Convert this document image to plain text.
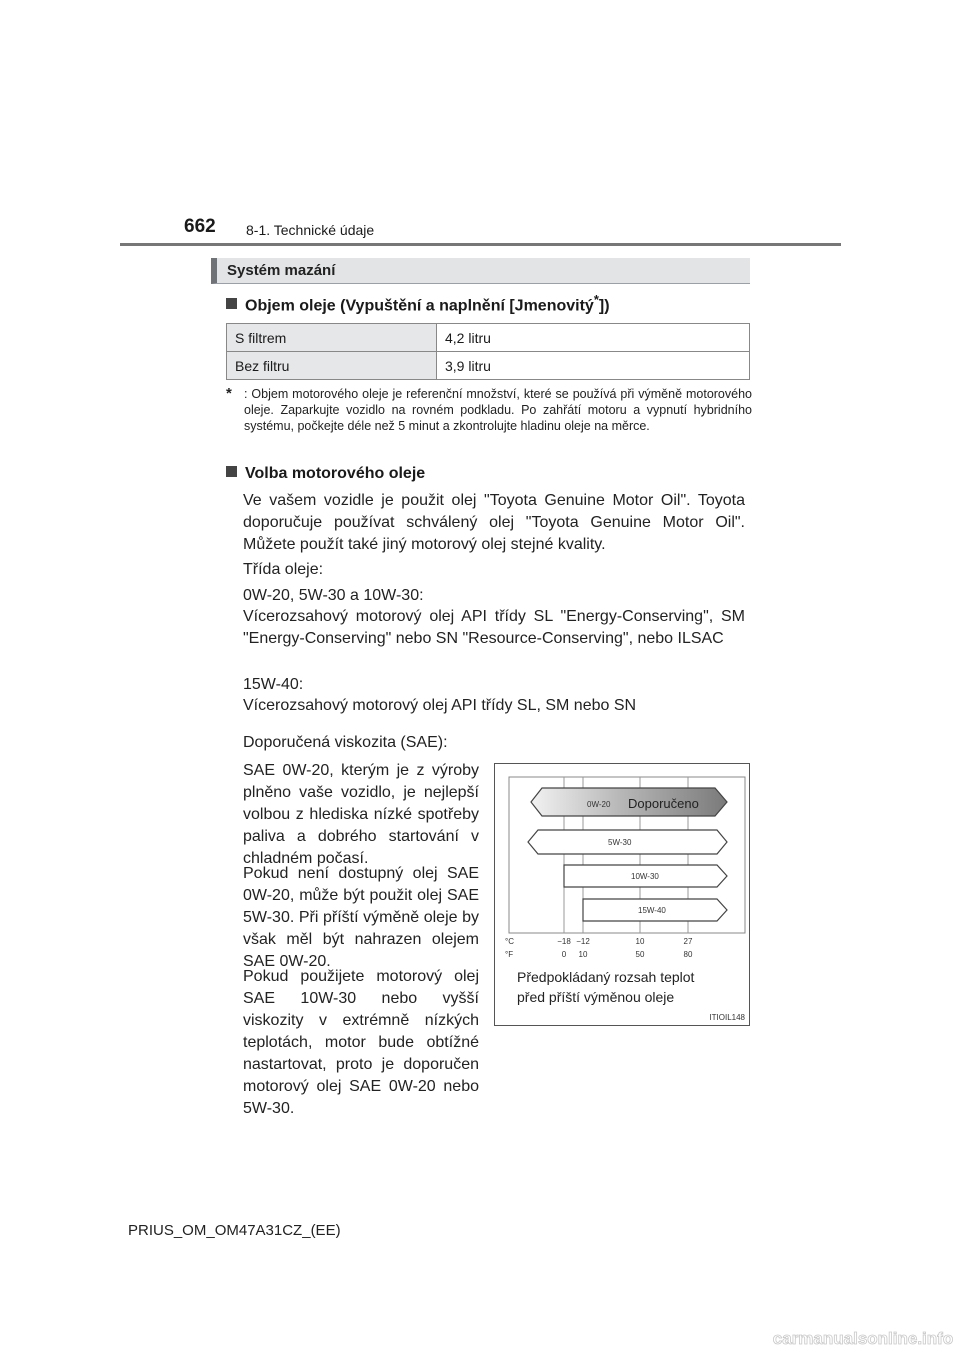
662 8-1. Technické údaje
Systém mazání
Objem oleje (Vypuštění a naplnění [Jmenovitý*])
S filtrem	4,2 litru
Bez filtru	3,9 litru
* : Objem motorového oleje je referenční množství, které se používá při výměně motorového oleje. Zaparkujte vozidlo na rovném podkladu. Po zahřátí motoru a vypnutí hybridního systému, počkejte déle než 5 minut a zkontrolujte hladinu oleje na měrce.
Volba motorového oleje
Ve vašem vozidle je použit olej "Toyota Genuine Motor Oil". Toyota doporučuje používat schválený olej "Toyota Genuine Motor Oil". Můžete použít také jiný motorový olej stejné kvality.
Třída oleje:
0W-20, 5W-30 a 10W-30:
Vícerozsahový motorový olej API třídy SL "Energy-Conserving", SM "Energy-Conserving" nebo SN "Resource-Conserving", nebo ILSAC
15W-40:
Vícerozsahový motorový olej API třídy SL, SM nebo SN
Doporučená viskozita (SAE):
SAE 0W-20, kterým je z výroby plněno vaše vozidlo, je nejlepší volbou z hlediska nízké spotřeby paliva a dobrého startování v chladném počasí.
Pokud není dostupný olej SAE 0W-20, může být použit olej SAE 5W-30. Při příští výměně oleje by však měl být nahrazen olejem SAE 0W-20.
Pokud použijete motorový olej SAE 10W-30 nebo vyšší viskozity v extrémně nízkých teplotách, motor bude obtížné nastartovat, proto je doporučen motorový olej SAE 0W-20 nebo 5W-30.
0W-20 Doporučeno
5W-30
10W-30
15W-40
°C
°F
−18 −12	10	27
0 10	50	80
Předpokládaný rozsah teplot
před příští výměnou oleje
ITIOIL148
PRIUS_OM_OM47A31CZ_(EE)
carmanualsonline.info
